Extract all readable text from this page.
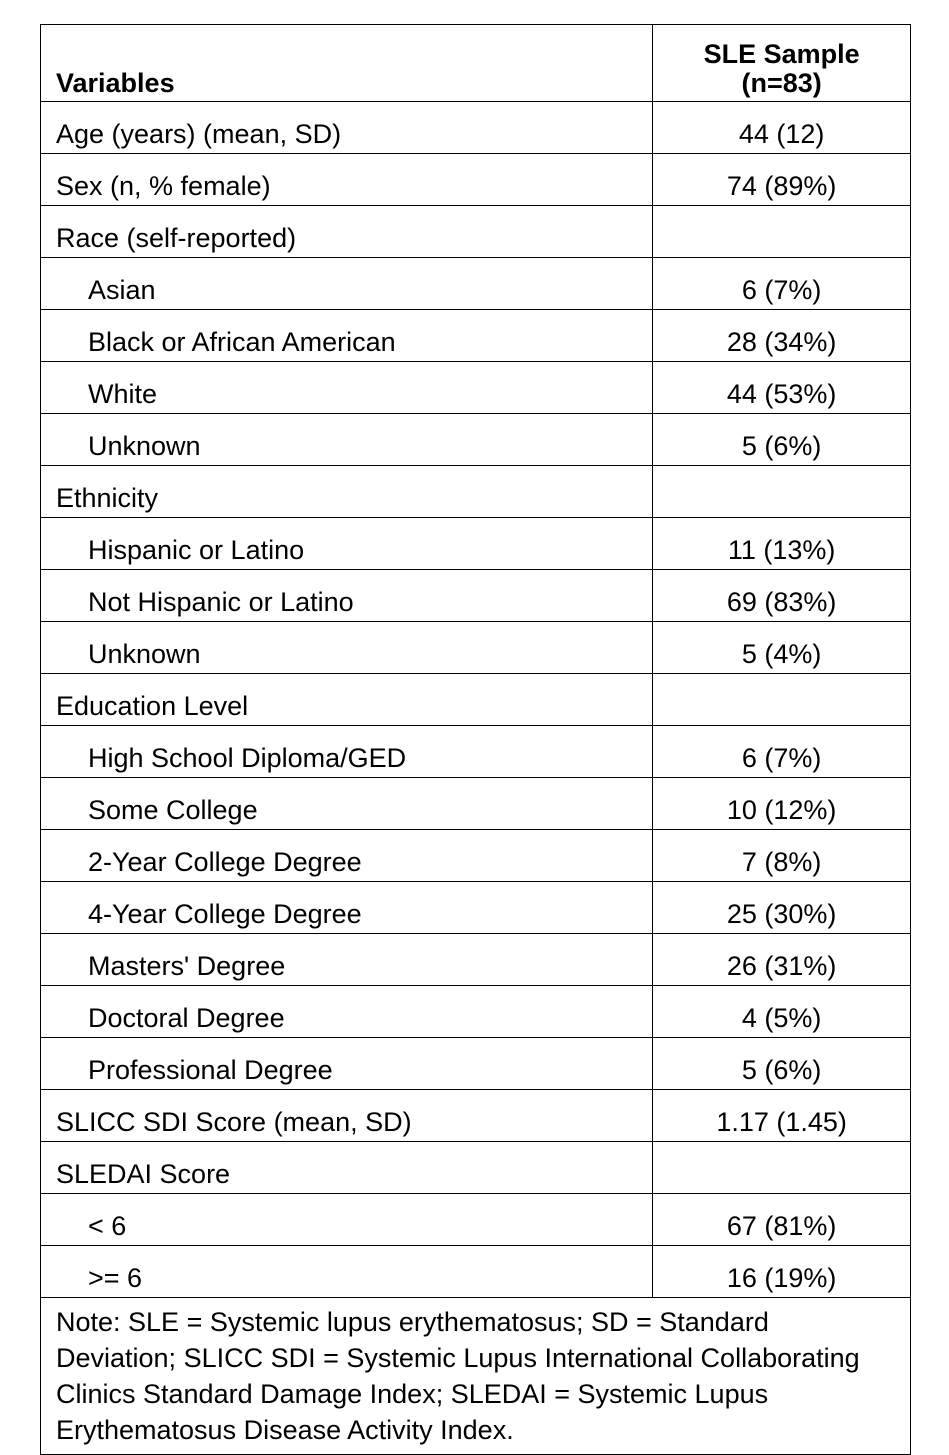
Variables	SLE Sample
(n=83)
Age (years) (mean, SD)	44 (12)
Sex (n, % female)	74 (89%)
Race (self-reported)	
Asian	6 (7%)
Black or African American	28 (34%)
White	44 (53%)
Unknown	5 (6%)
Ethnicity	
Hispanic or Latino	11 (13%)
Not Hispanic or Latino	69 (83%)
Unknown	5 (4%)
Education Level	
High School Diploma/GED	6 (7%)
Some College	10 (12%)
2-Year College Degree	7 (8%)
4-Year College Degree	25 (30%)
Masters' Degree	26 (31%)
Doctoral Degree	4 (5%)
Professional Degree	5 (6%)
SLICC SDI Score (mean, SD)	1.17 (1.45)
SLEDAI Score	
< 6	67 (81%)
>= 6	16 (19%)
Note: SLE = Systemic lupus erythematosus; SD = Standard Deviation; SLICC SDI = Systemic Lupus International Collaborating Clinics Standard Damage Index; SLEDAI = Systemic Lupus Erythematosus Disease Activity Index.	
